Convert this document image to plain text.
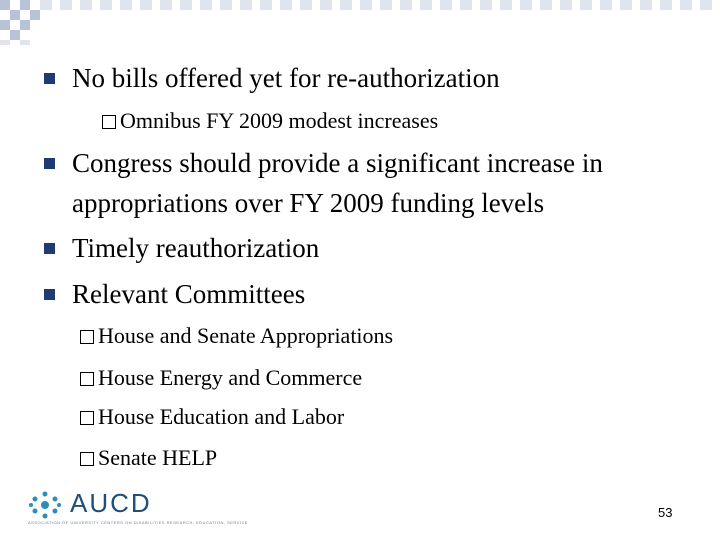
No bills offered yet for re-authorization
Omnibus FY 2009 modest increases
Congress should provide a significant increase in
appropriations over FY 2009 funding levels
Timely reauthorization
Relevant Committees
House and Senate Appropriations
House Energy and Commerce
House Education and Labor
Senate HELP
AUCD
ASSOCIATION OF UNIVERSITY CENTERS ON DISABILITIES RESEARCH, EDUCATION, SERVICE
53
